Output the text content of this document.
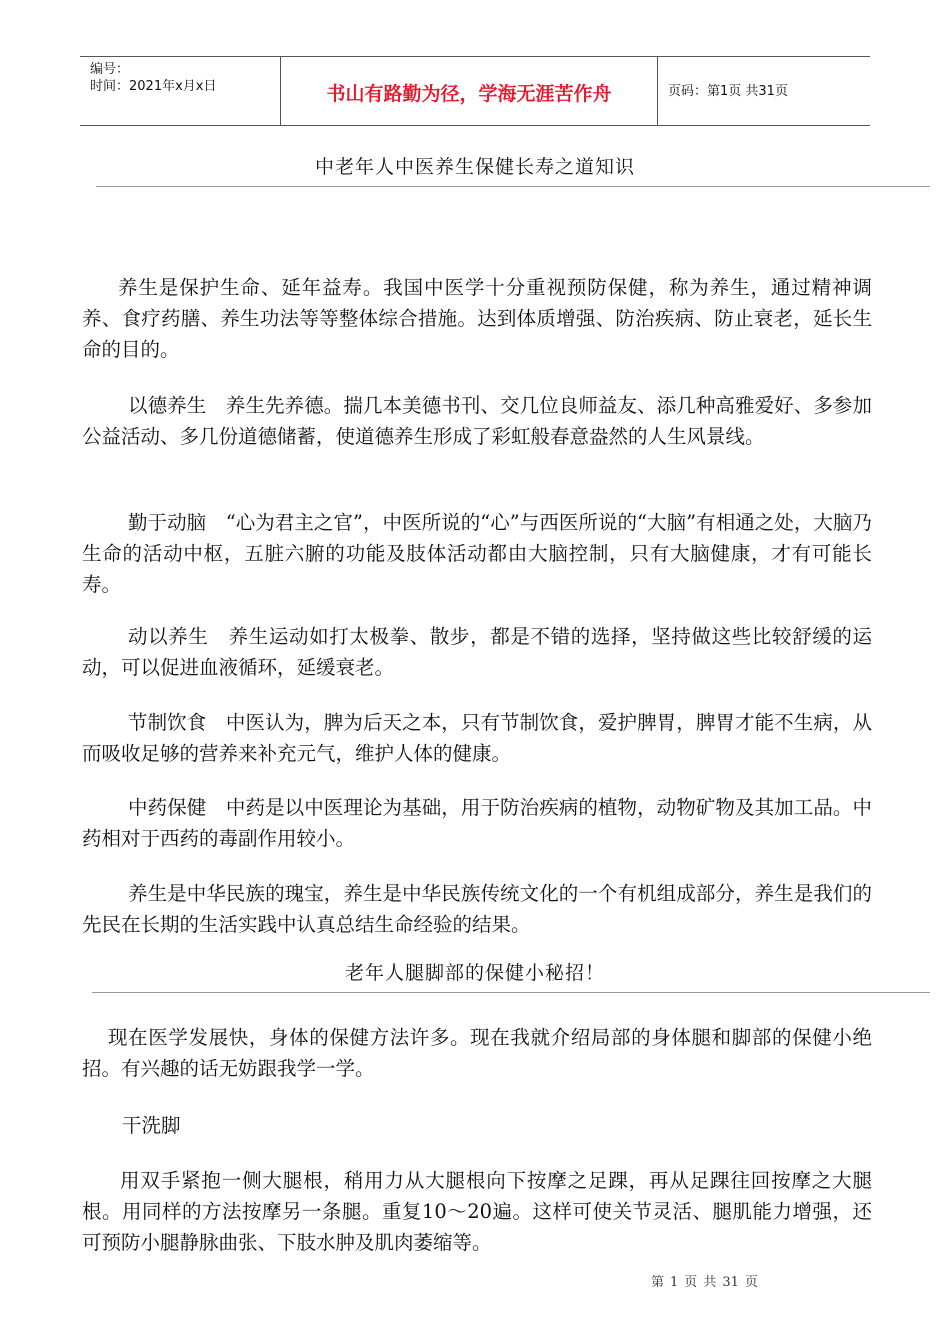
编号：
时间：2021年x月x日	书山有路勤为径，学海无涯苦作舟	页码：第1页 共31页
中老年人中医养生保健长寿之道知识

养生是保护生命、延年益寿。我国中医学十分重视预防保健，称为养生，通过精神调养、食疗药膳、养生功法等等整体综合措施。达到体质增强、防治疾病、防止衰老，延长生命的目的。

以德养生　养生先养德。揣几本美德书刊、交几位良师益友、添几种高雅爱好、多参加公益活动、多几份道德储蓄，使道德养生形成了彩虹般春意盎然的人生风景线。

勤于动脑　“心为君主之官”，中医所说的“心”与西医所说的“大脑”有相通之处，大脑乃生命的活动中枢，五脏六腑的功能及肢体活动都由大脑控制，只有大脑健康，才有可能长寿。

动以养生　养生运动如打太极拳、散步，都是不错的选择，坚持做这些比较舒缓的运动，可以促进血液循环，延缓衰老。

节制饮食　中医认为，脾为后天之本，只有节制饮食，爱护脾胃，脾胃才能不生病，从而吸收足够的营养来补充元气，维护人体的健康。

中药保健　中药是以中医理论为基础，用于防治疾病的植物，动物矿物及其加工品。中药相对于西药的毒副作用较小。

养生是中华民族的瑰宝，养生是中华民族传统文化的一个有机组成部分，养生是我们的先民在长期的生活实践中认真总结生命经验的结果。

老年人腿脚部的保健小秘招！

现在医学发展快，身体的保健方法许多。现在我就介绍局部的身体腿和脚部的保健小绝招。有兴趣的话无妨跟我学一学。

干洗脚

用双手紧抱一侧大腿根，稍用力从大腿根向下按摩之足踝，再从足踝往回按摩之大腿根。用同样的方法按摩另一条腿。重复10～20遍。这样可使关节灵活、腿肌能力增强，还可预防小腿静脉曲张、下肢水肿及肌肉萎缩等。

第 1 页 共 31 页
